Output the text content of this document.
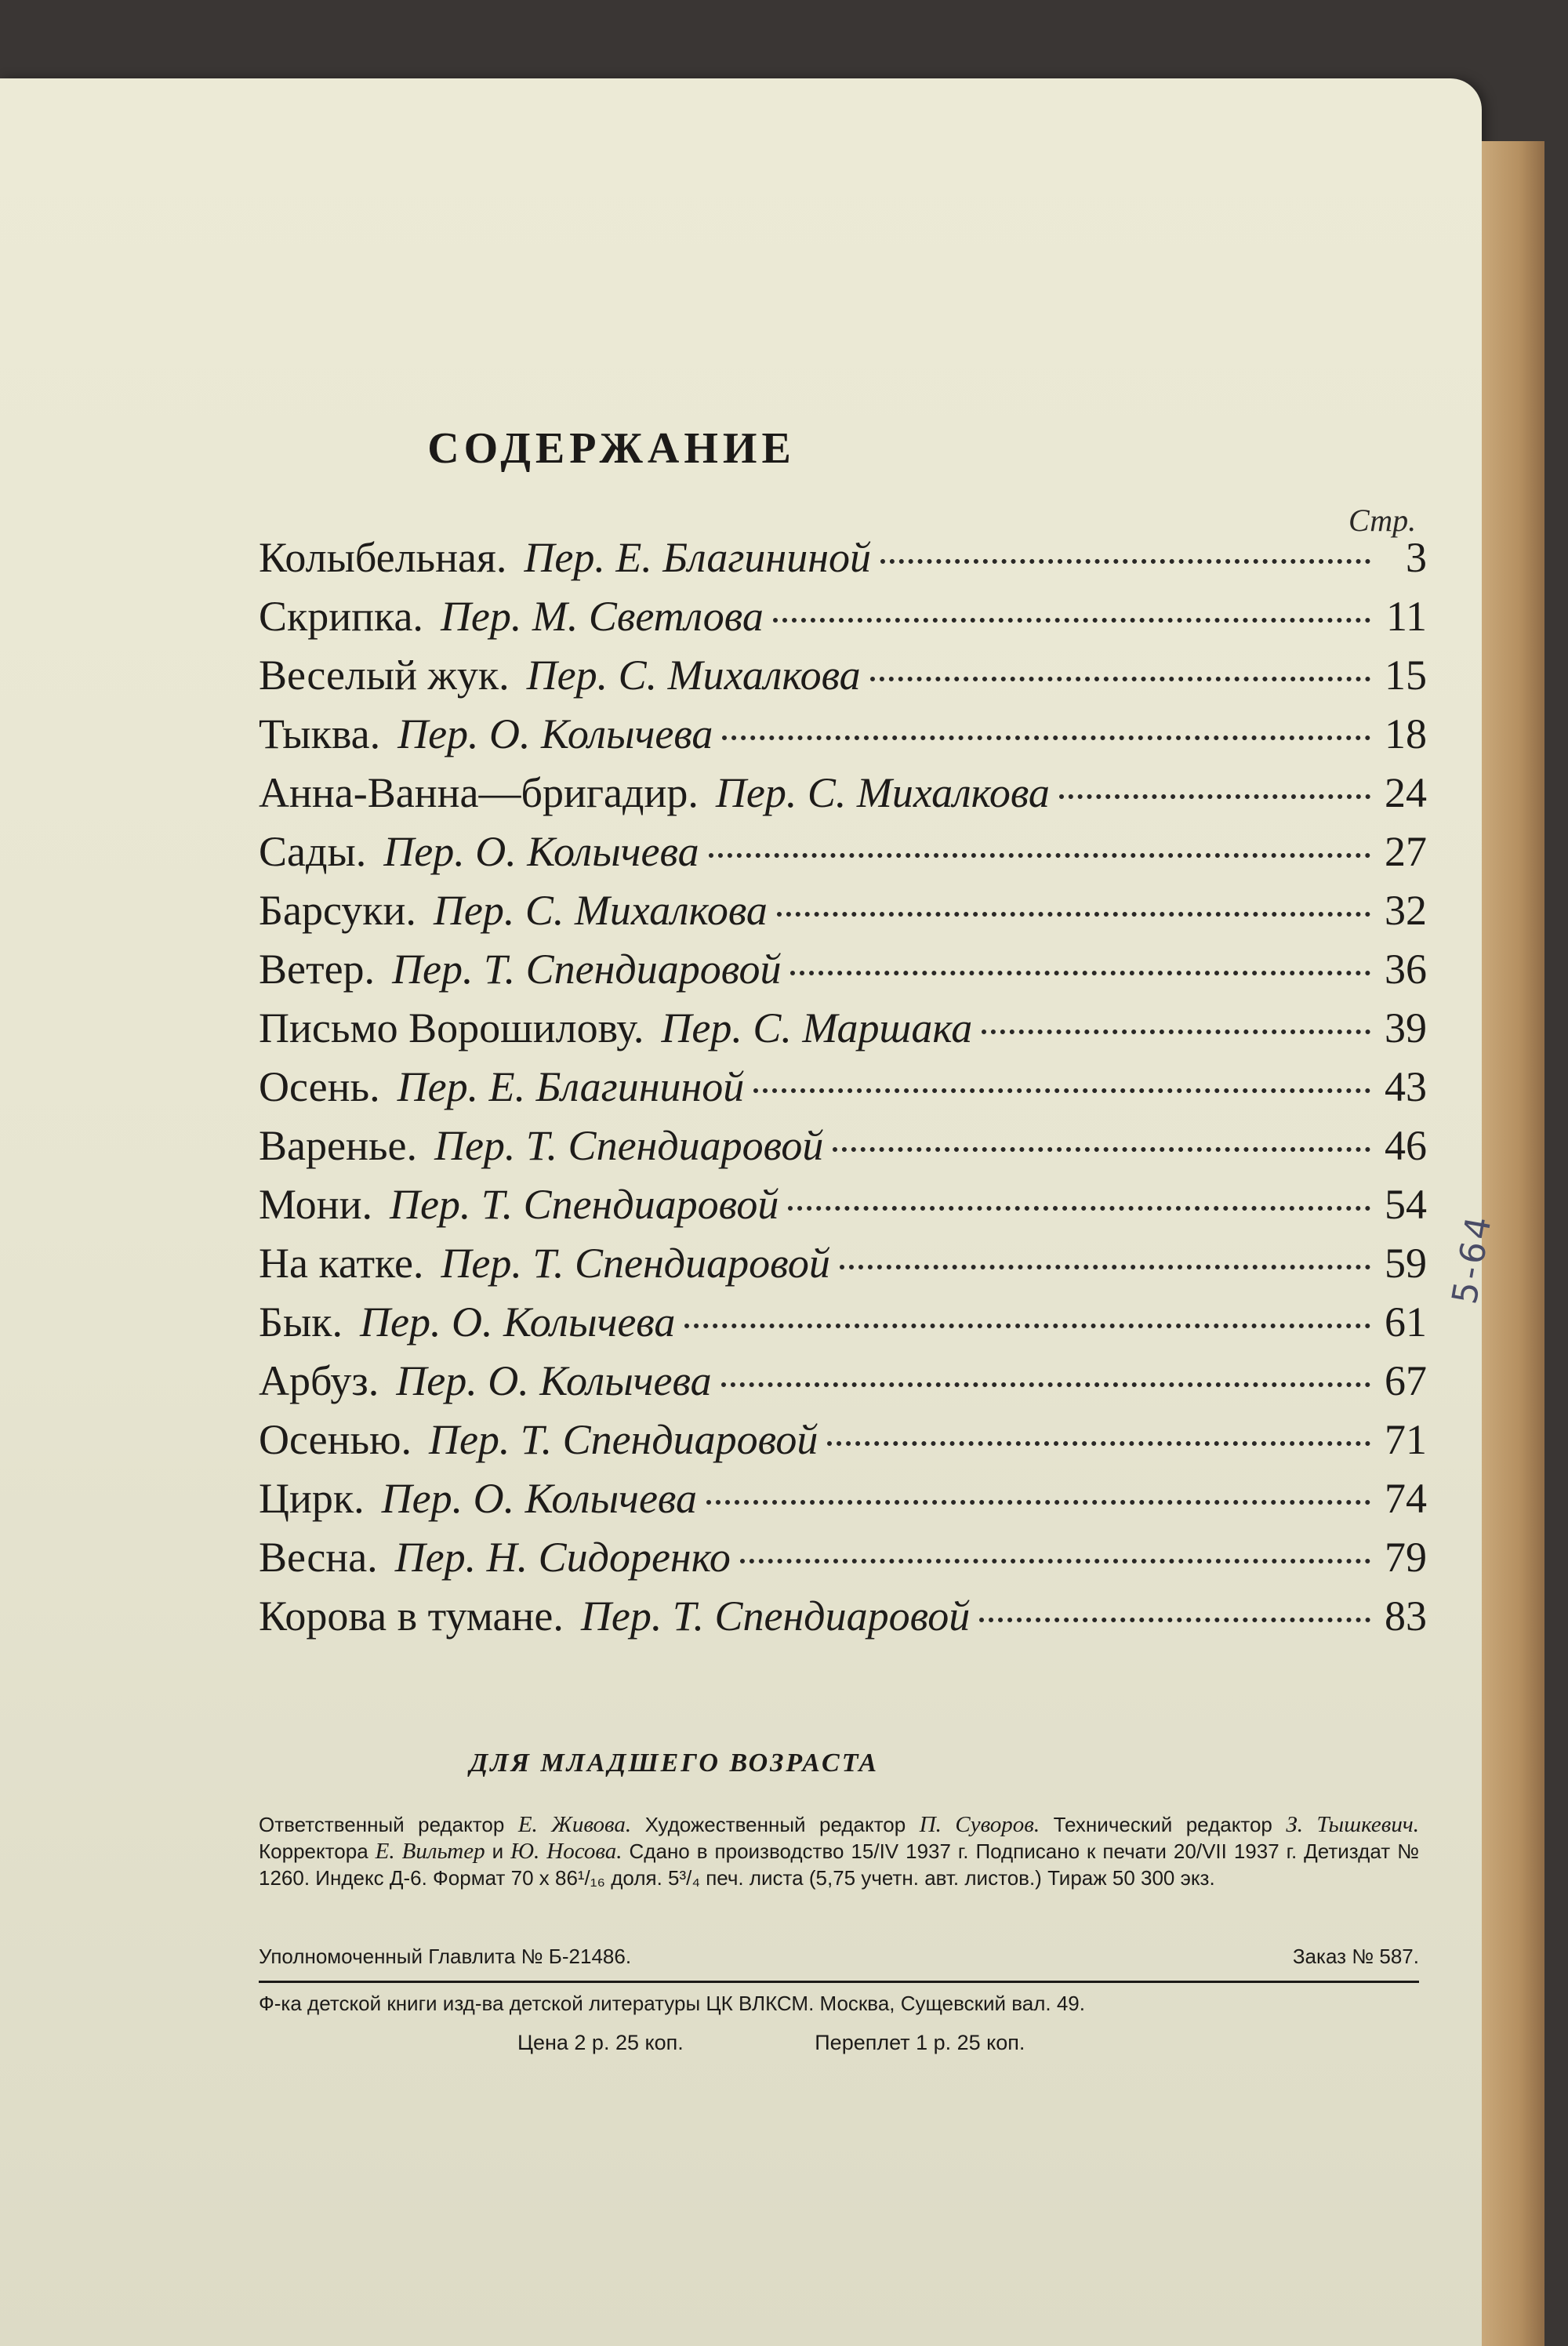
СОДЕРЖАНИЕ
Стр.
Колыбельная. Пер. Е. Благининой	3
Скрипка. Пер. М. Светлова	11
Веселый жук. Пер. С. Михалкова	15
Тыква. Пер. О. Колычева	18
Анна-Ванна—бригадир. Пер. С. Михалкова	24
Сады. Пер. О. Колычева	27
Барсуки. Пер. С. Михалкова	32
Ветер. Пер. Т. Спендиаровой	36
Письмо Ворошилову. Пер. С. Маршака	39
Осень. Пер. Е. Благининой	43
Варенье. Пер. Т. Спендиаровой	46
Мони. Пер. Т. Спендиаровой	54
На катке. Пер. Т. Спендиаровой	59
Бык. Пер. О. Колычева	61
Арбуз. Пер. О. Колычева	67
Осенью. Пер. Т. Спендиаровой	71
Цирк. Пер. О. Колычева	74
Весна. Пер. Н. Сидоренко	79
Корова в тумане. Пер. Т. Спендиаровой	83
5-64
ДЛЯ МЛАДШЕГО ВОЗРАСТА
Ответственный редактор Е. Живова. Художественный редактор П. Суворов. Технический редактор З. Тышкевич. Корректора Е. Вильтер и Ю. Носова. Сдано в производство 15/IV 1937 г. Подписано к печати 20/VII 1937 г. Детиздат № 1260. Индекс Д-6. Формат 70 х 86¹/₁₆ доля. 5³/₄ печ. листа (5,75 учетн. авт. листов.) Тираж 50 300 экз.
Уполномоченный Главлита № Б-21486.	Заказ № 587.
Ф-ка детской книги изд-ва детской литературы ЦК ВЛКСМ. Москва, Сущевский вал. 49.
Цена 2 р. 25 коп.	Переплет 1 р. 25 коп.
